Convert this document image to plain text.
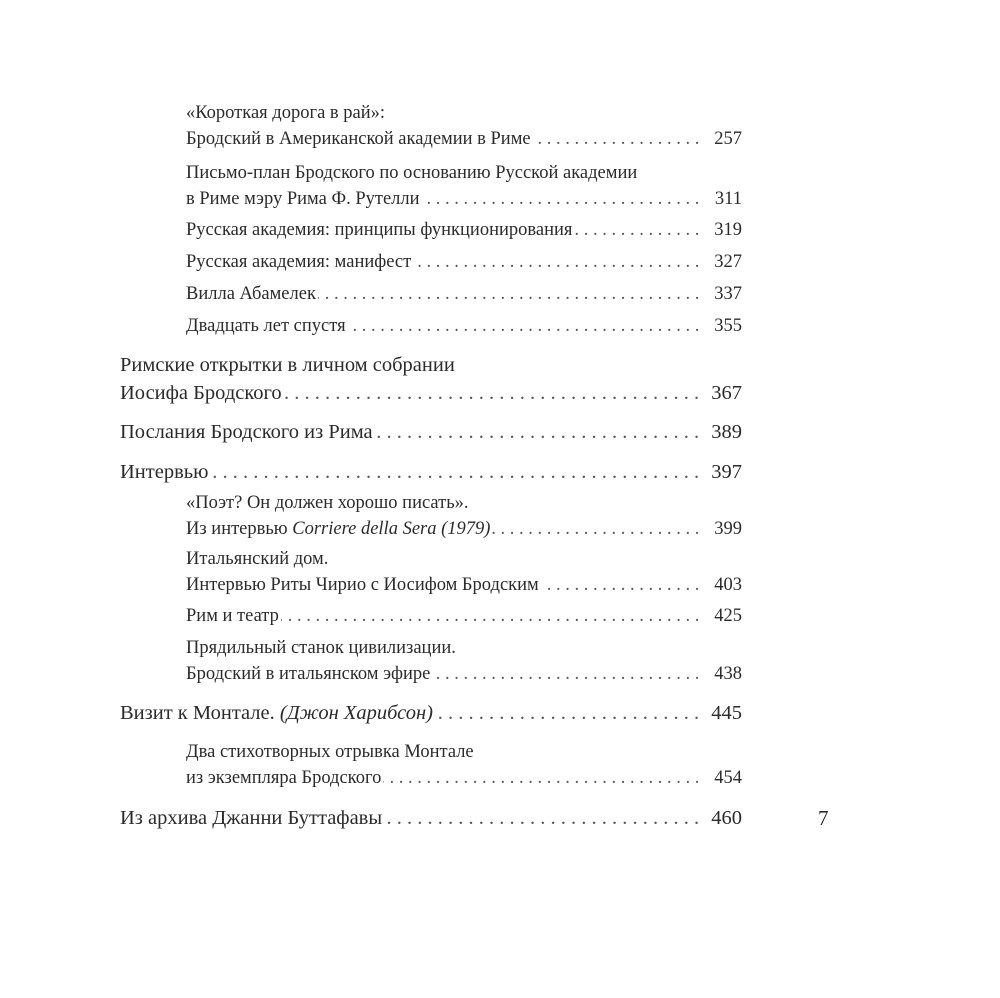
«Короткая дорога в рай»:
. . . Бродский в Американской академии в Риме	257
Письмо-план Бродского по основанию Русской академии
. . . в Риме мэру Рима Ф. Рутелли	311
. . . Русская академия: принципы функционирования	319
. . . Русская академия: манифест	327
. . . Вилла Абамелек	337
. . . Двадцать лет спустя	355
Римские открытки в личном собрании
. . . Иосифа Бродского	367
. . . Послания Бродского из Рима	389
. . . Интервью	397
«Поэт? Он должен хорошо писать».
. . . Из интервью Corriere della Sera (1979)	399
Итальянский дом.
. . . Интервью Риты Чирио с Иосифом Бродским	403
. . . Рим и театр	425
Прядильный станок цивилизации.
. . . Бродский в итальянском эфире	438
. . . Визит к Монтале. (Джон Харибсон)	445
Два стихотворных отрывка Монтале
. . . из экземпляра Бродского	454
. . . Из архива Джанни Буттафавы	460	7
